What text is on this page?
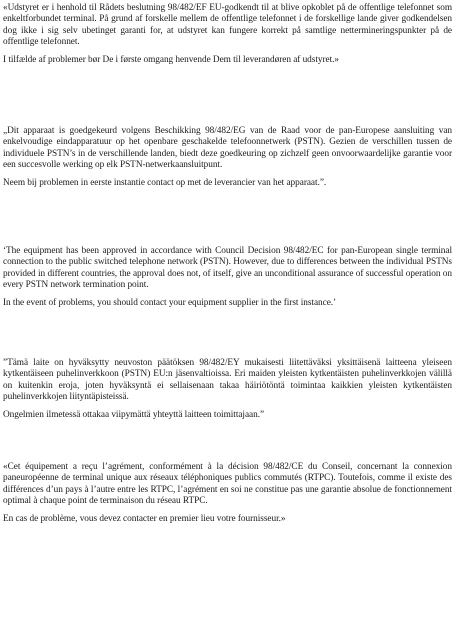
«Udstyret er i henhold til Rådets beslutning 98/482/EF EU-godkendt til at blive opkoblet på de offentlige telefonnet som enkeltforbundet terminal. På grund af forskelle mellem de offentlige telefonnet i de forskellige lande giver godkendelsen dog ikke i sig selv ubetinget garanti for, at udstyret kan fungere korrekt på samtlige nettermineringspunkter på de offentlige telefonnet.

I tilfælde af problemer bør De i første omgang henvende Dem til leverandøren af udstyret.»

„Dit apparaat is goedgekeurd volgens Beschikking 98/482/EG van de Raad voor de pan-Europese aansluiting van enkelvoudige eindapparatuur op het openbare geschakelde telefoonnetwerk (PSTN). Gezien de verschillen tussen de individuele PSTN’s in de verschillende landen, biedt deze goedkeuring op zichzelf geen onvoorwaardelijke garantie voor een succesvolle werking op elk PSTN-netwerkaansluitpunt.

Neem bij problemen in eerste instantie contact op met de leverancier van het apparaat.”.

‘The equipment has been approved in accordance with Council Decision 98/482/EC for pan-European single terminal connection to the public switched telephone network (PSTN). However, due to differences between the individual PSTNs provided in different countries, the approval does not, of itself, give an unconditional assurance of successful operation on every PSTN network termination point.

In the event of problems, you should contact your equipment supplier in the first instance.’

”Tämä laite on hyväksytty neuvoston päätöksen 98/482/EY mukaisesti liitettäväksi yksittäisenä laitteena yleiseen kytkentäiseen puhelinverkkoon (PSTN) EU:n jäsenvaltioissa. Eri maiden yleisten kytkentäisten puhelinverkkojen välillä on kuitenkin eroja, joten hyväksyntä ei sellaisenaan takaa häiriötöntä toimintaa kaikkien yleisten kytkentäisten puhelinverkkojen liityntäpisteissä.

Ongelmien ilmetessä ottakaa viipymättä yhteyttä laitteen toimittajaan.”

«Cet équipement a reçu l’agrément, conformément à la décision 98/482/CE du Conseil, concernant la connexion paneuropéenne de terminal unique aux réseaux téléphoniques publics commutés (RTPC). Toutefois, comme il existe des différences d’un pays à l’autre entre les RTPC, l’agrément en soi ne constitue pas une garantie absolue de fonctionnement optimal à chaque point de terminaison du réseau RTPC.

En cas de problème, vous devez contacter en premier lieu votre fournisseur.»
